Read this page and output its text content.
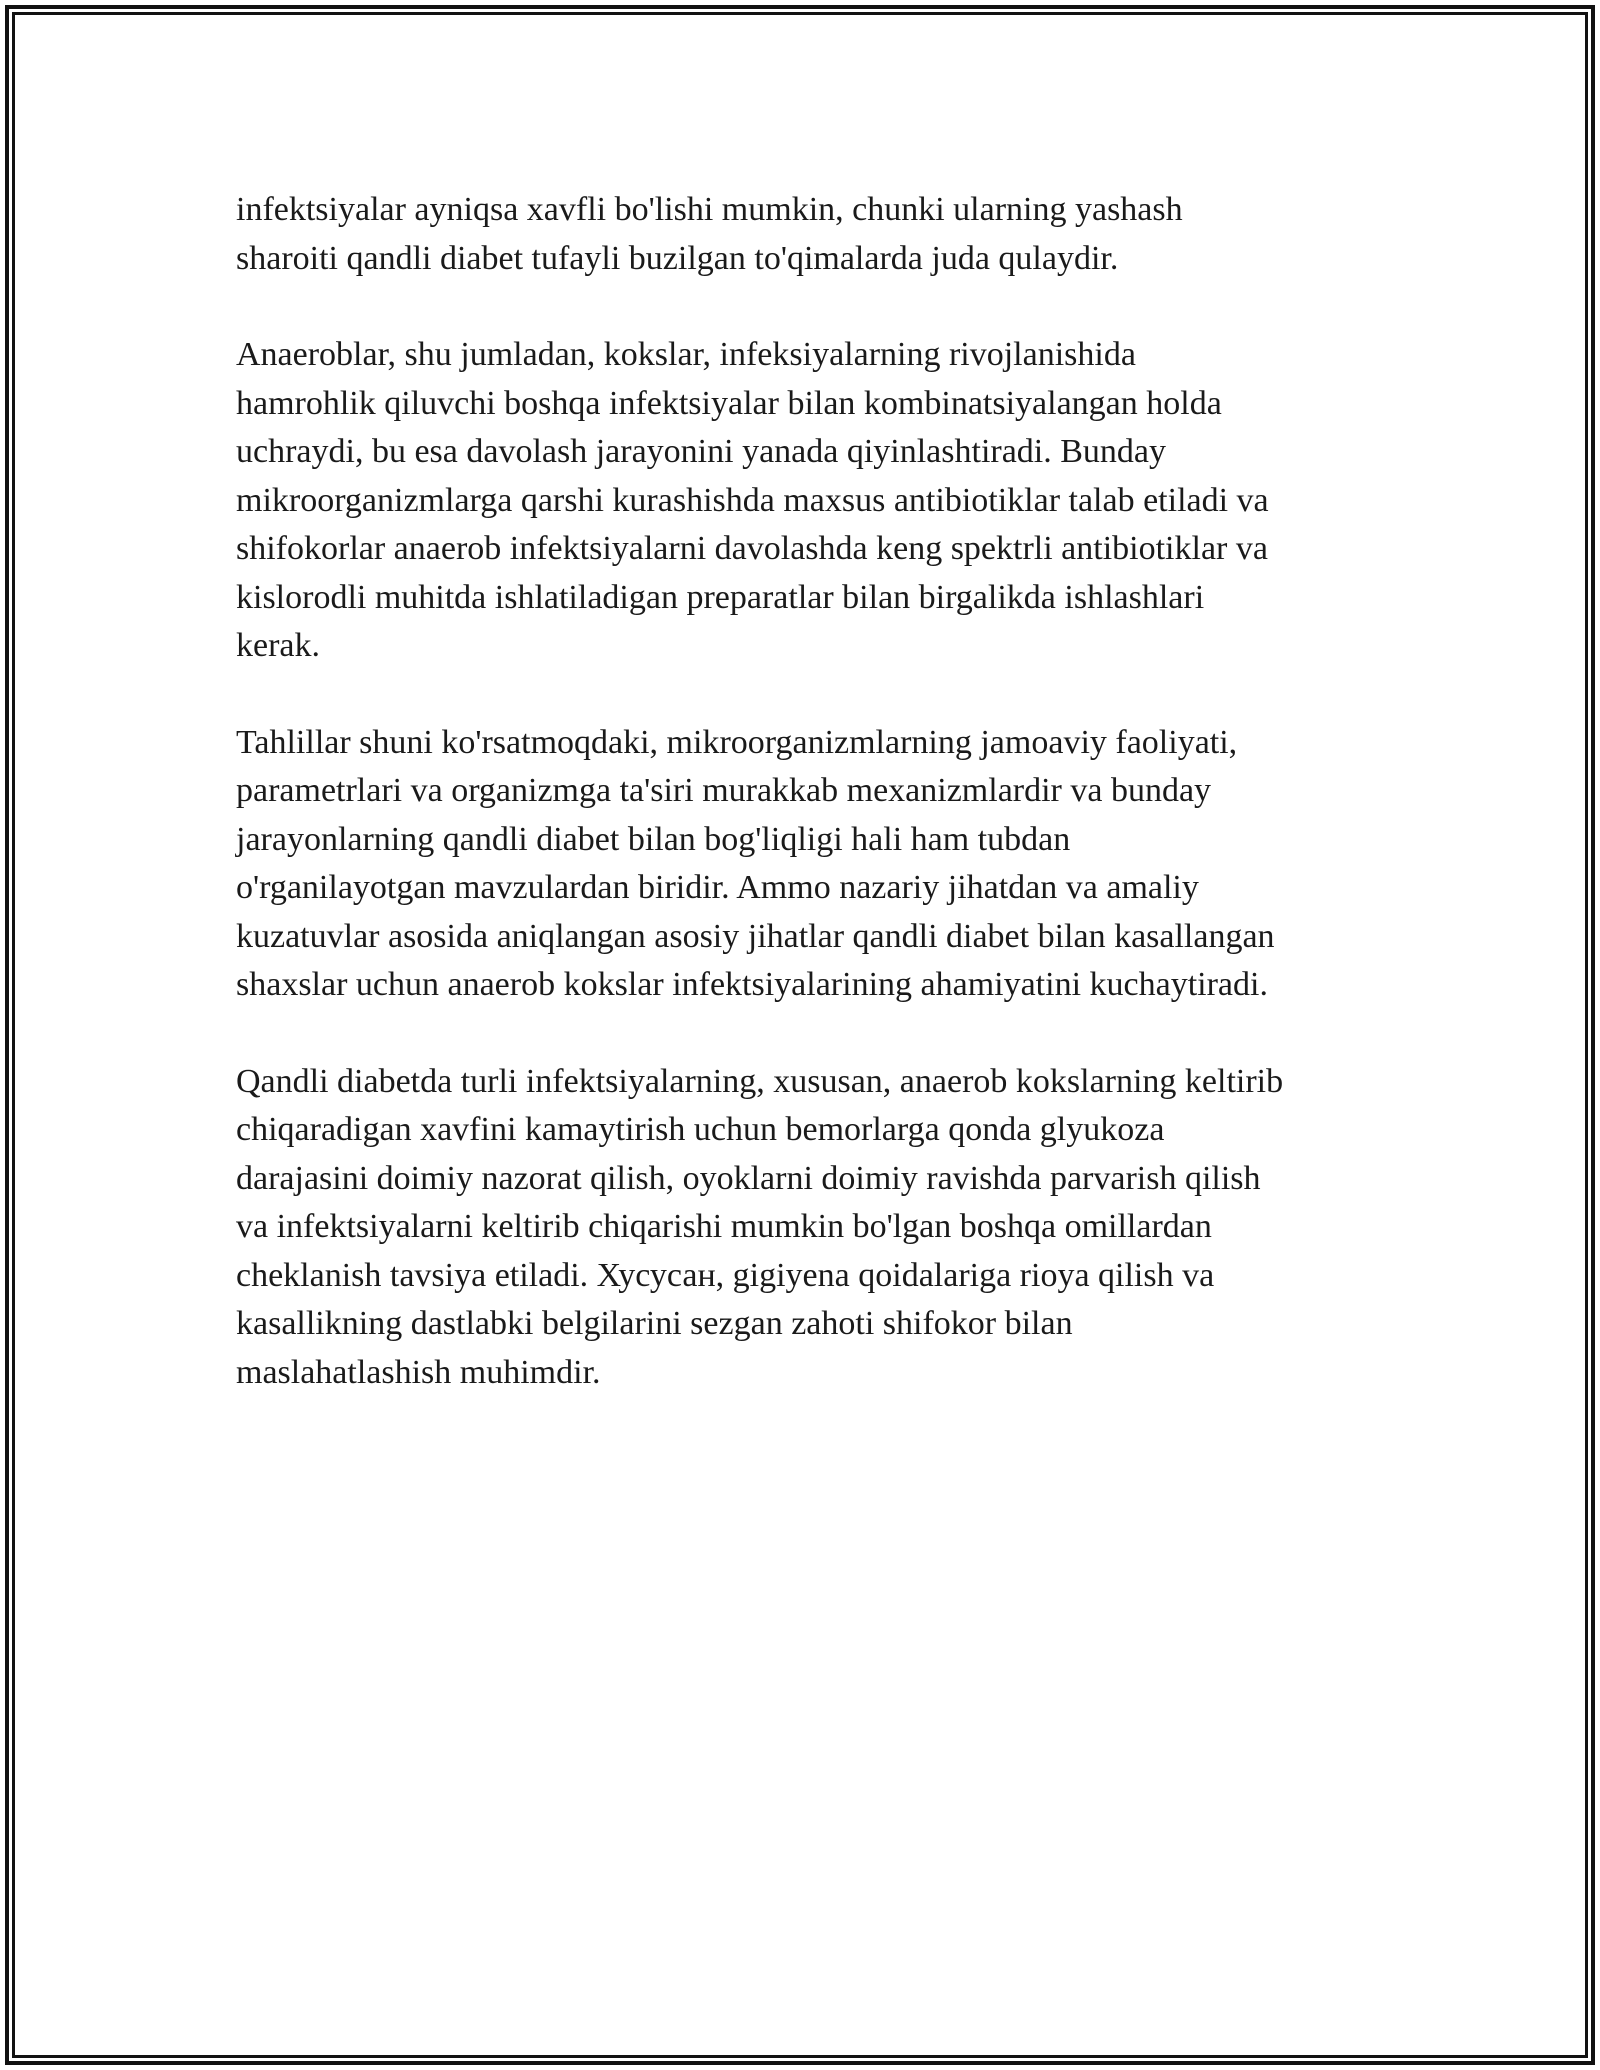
infektsiyalar ayniqsa xavfli bo'lishi mumkin, chunki ularning yashash
sharoiti qandli diabet tufayli buzilgan to'qimalarda juda qulaydir.

Anaeroblar, shu jumladan, kokslar, infeksiyalarning rivojlanishida
hamrohlik qiluvchi boshqa infektsiyalar bilan kombinatsiyalangan holda
uchraydi, bu esa davolash jarayonini yanada qiyinlashtiradi. Bunday
mikroorganizmlarga qarshi kurashishda maxsus antibiotiklar talab etiladi va
shifokorlar anaerob infektsiyalarni davolashda keng spektrli antibiotiklar va
kislorodli muhitda ishlatiladigan preparatlar bilan birgalikda ishlashlari
kerak.

Tahlillar shuni ko'rsatmoqdaki, mikroorganizmlarning jamoaviy faoliyati,
parametrlari va organizmga ta'siri murakkab mexanizmlardir va bunday
jarayonlarning qandli diabet bilan bog'liqligi hali ham tubdan
o'rganilayotgan mavzulardan biridir. Ammo nazariy jihatdan va amaliy
kuzatuvlar asosida aniqlangan asosiy jihatlar qandli diabet bilan kasallangan
shaxslar uchun anaerob kokslar infektsiyalarining ahamiyatini kuchaytiradi.

Qandli diabetda turli infektsiyalarning, xususan, anaerob kokslarning keltirib
chiqaradigan xavfini kamaytirish uchun bemorlarga qonda glyukoza
darajasini doimiy nazorat qilish, oyoklarni doimiy ravishda parvarish qilish
va infektsiyalarni keltirib chiqarishi mumkin bo'lgan boshqa omillardan
cheklanish tavsiya etiladi. Хусусан, gigiyena qoidalariga rioya qilish va
kasallikning dastlabki belgilarini sezgan zahoti shifokor bilan
maslahatlashish muhimdir.
